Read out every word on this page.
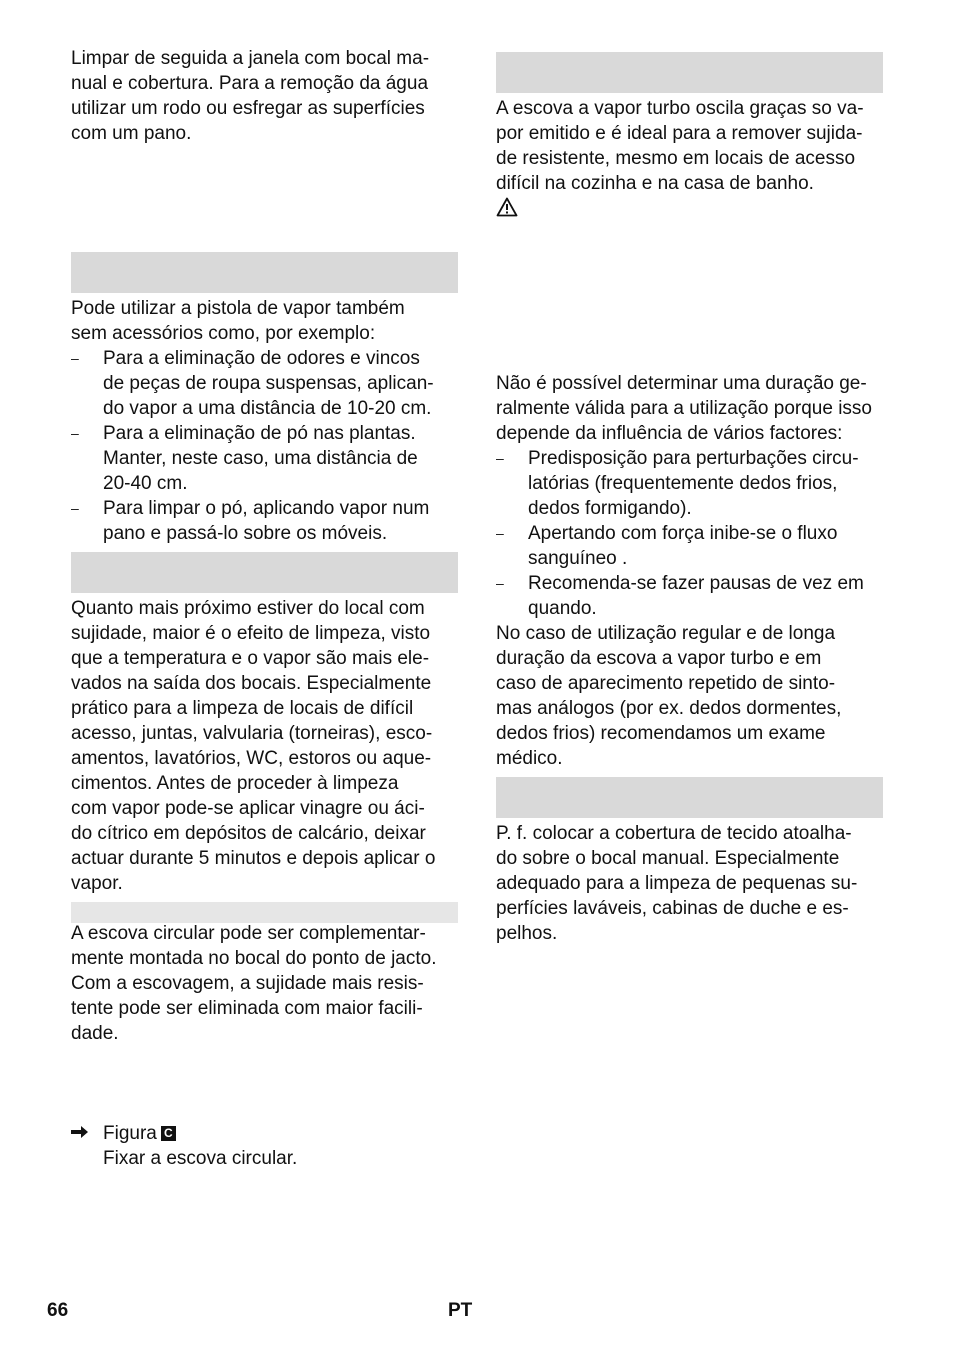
Limpar de seguida a janela com bocal ma-
nual e cobertura. Para a remoção da água
utilizar um rodo ou esfregar as superfícies
com um pano.
Pode utilizar a pistola de vapor também
sem acessórios como, por exemplo:
– Para a eliminação de odores e vincos
de peças de roupa suspensas, aplican-
do vapor a uma distância de 10-20 cm.
– Para a eliminação de pó nas plantas.
Manter, neste caso, uma distância de
20-40 cm.
– Para limpar o pó, aplicando vapor num
pano e passá-lo sobre os móveis.
Quanto mais próximo estiver do local com
sujidade, maior é o efeito de limpeza, visto
que a temperatura e o vapor são mais ele-
vados na saída dos bocais. Especialmente
prático para a limpeza de locais de difícil
acesso, juntas, valvularia (torneiras), esco-
amentos, lavatórios, WC, estoros ou aque-
cimentos. Antes de proceder à limpeza
com vapor pode-se aplicar vinagre ou áci-
do cítrico em depósitos de calcário, deixar
actuar durante 5 minutos e depois aplicar o
vapor.
A escova circular pode ser complementar-
mente montada no bocal do ponto de jacto.
Com a escovagem, a sujidade mais resis-
tente pode ser eliminada com maior facili-
dade.
Figura C
Fixar a escova circular.
A escova a vapor turbo oscila graças so va-
por emitido e é ideal para a remover sujida-
de resistente, mesmo em locais de acesso
difícil na cozinha e na casa de banho.
Não é possível determinar uma duração ge-
ralmente válida para a utilização porque isso
depende da influência de vários factores:
– Predisposição para perturbações circu-
latórias (frequentemente dedos frios,
dedos formigando).
– Apertando com força inibe-se o fluxo
sanguíneo .
– Recomenda-se fazer pausas de vez em
quando.
No caso de utilização regular e de longa
duração da escova a vapor turbo e em
caso de aparecimento repetido de sinto-
mas análogos (por ex. dedos dormentes,
dedos frios) recomendamos um exame
médico.
P. f. colocar a cobertura de tecido atoalha-
do sobre o bocal manual. Especialmente
adequado para a limpeza de pequenas su-
perfícies laváveis, cabinas de duche e es-
pelhos.
66	PT
